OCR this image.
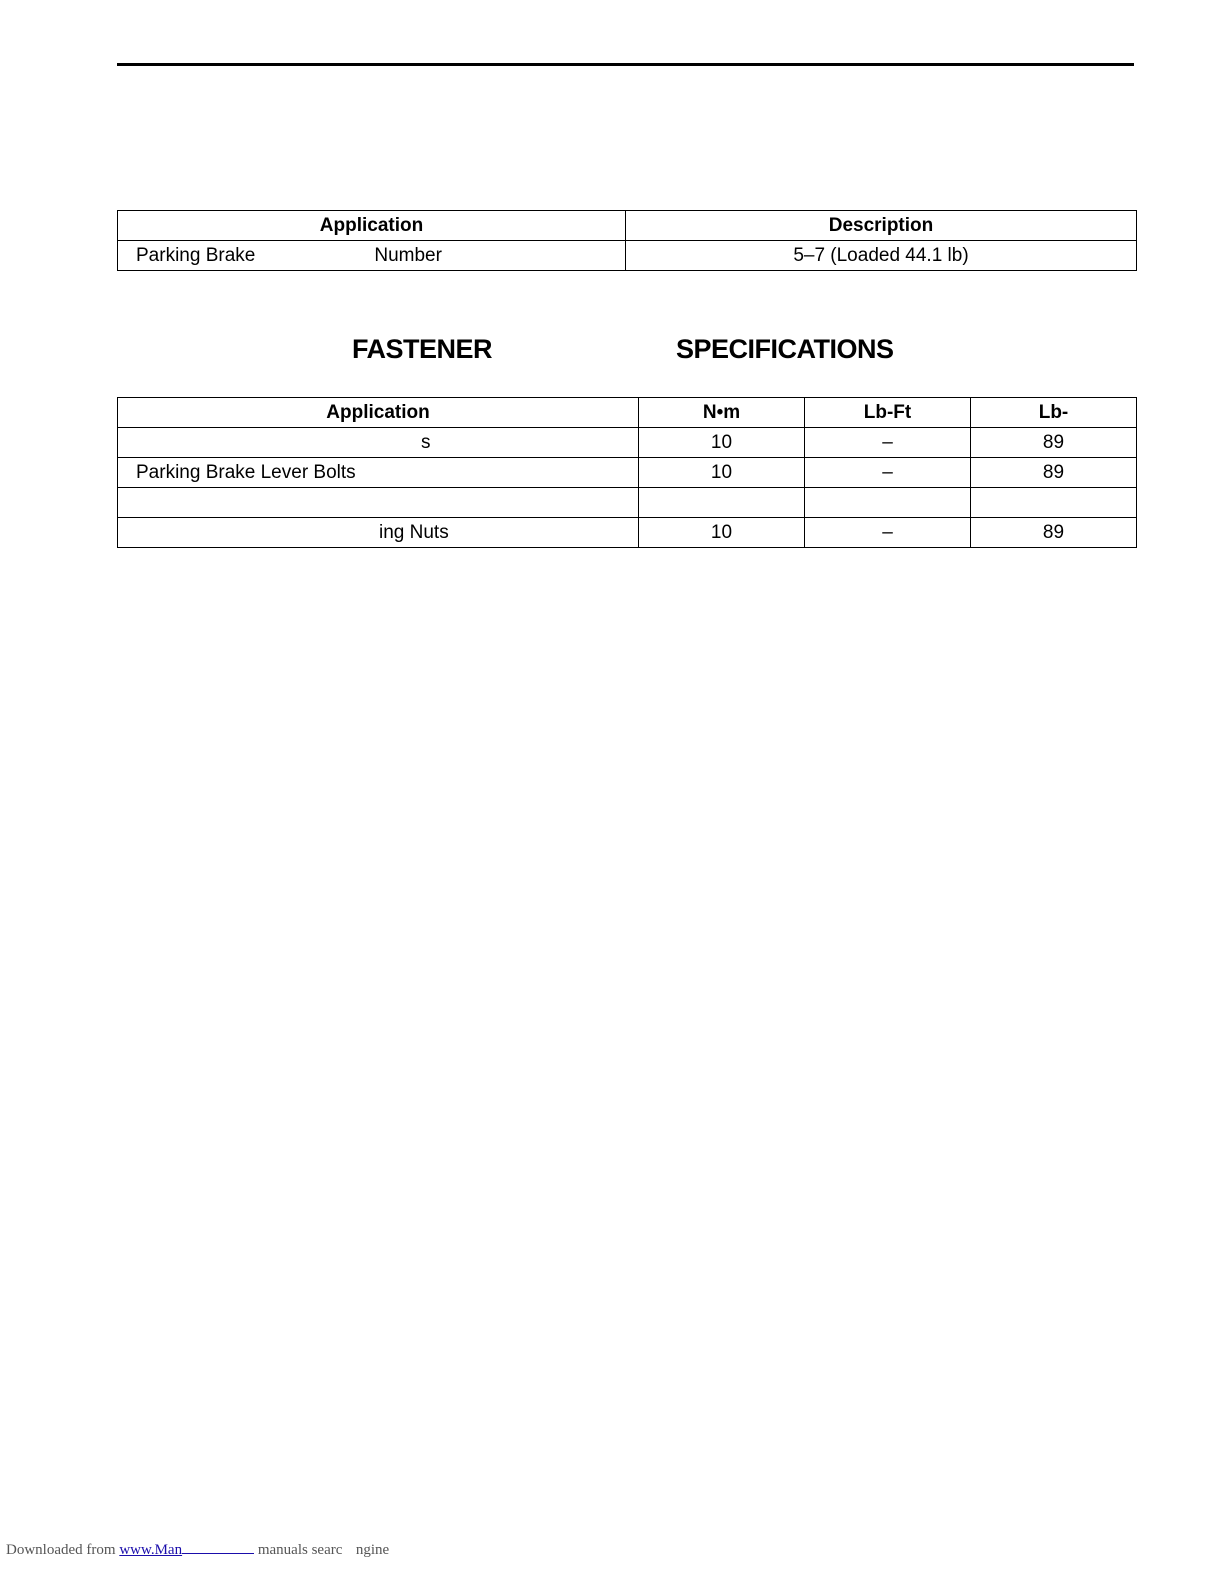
Application	Description
Parking Brake Number	5–7 (Loaded 44.1 lb)
FASTENER	SPECIFICATIONS
Application	N•m	Lb-Ft	Lb-
s	10	–	89
Parking Brake Lever Bolts	10	–	89

ing Nuts	10	–	89
Downloaded from www.Man	manuals searc ngine
